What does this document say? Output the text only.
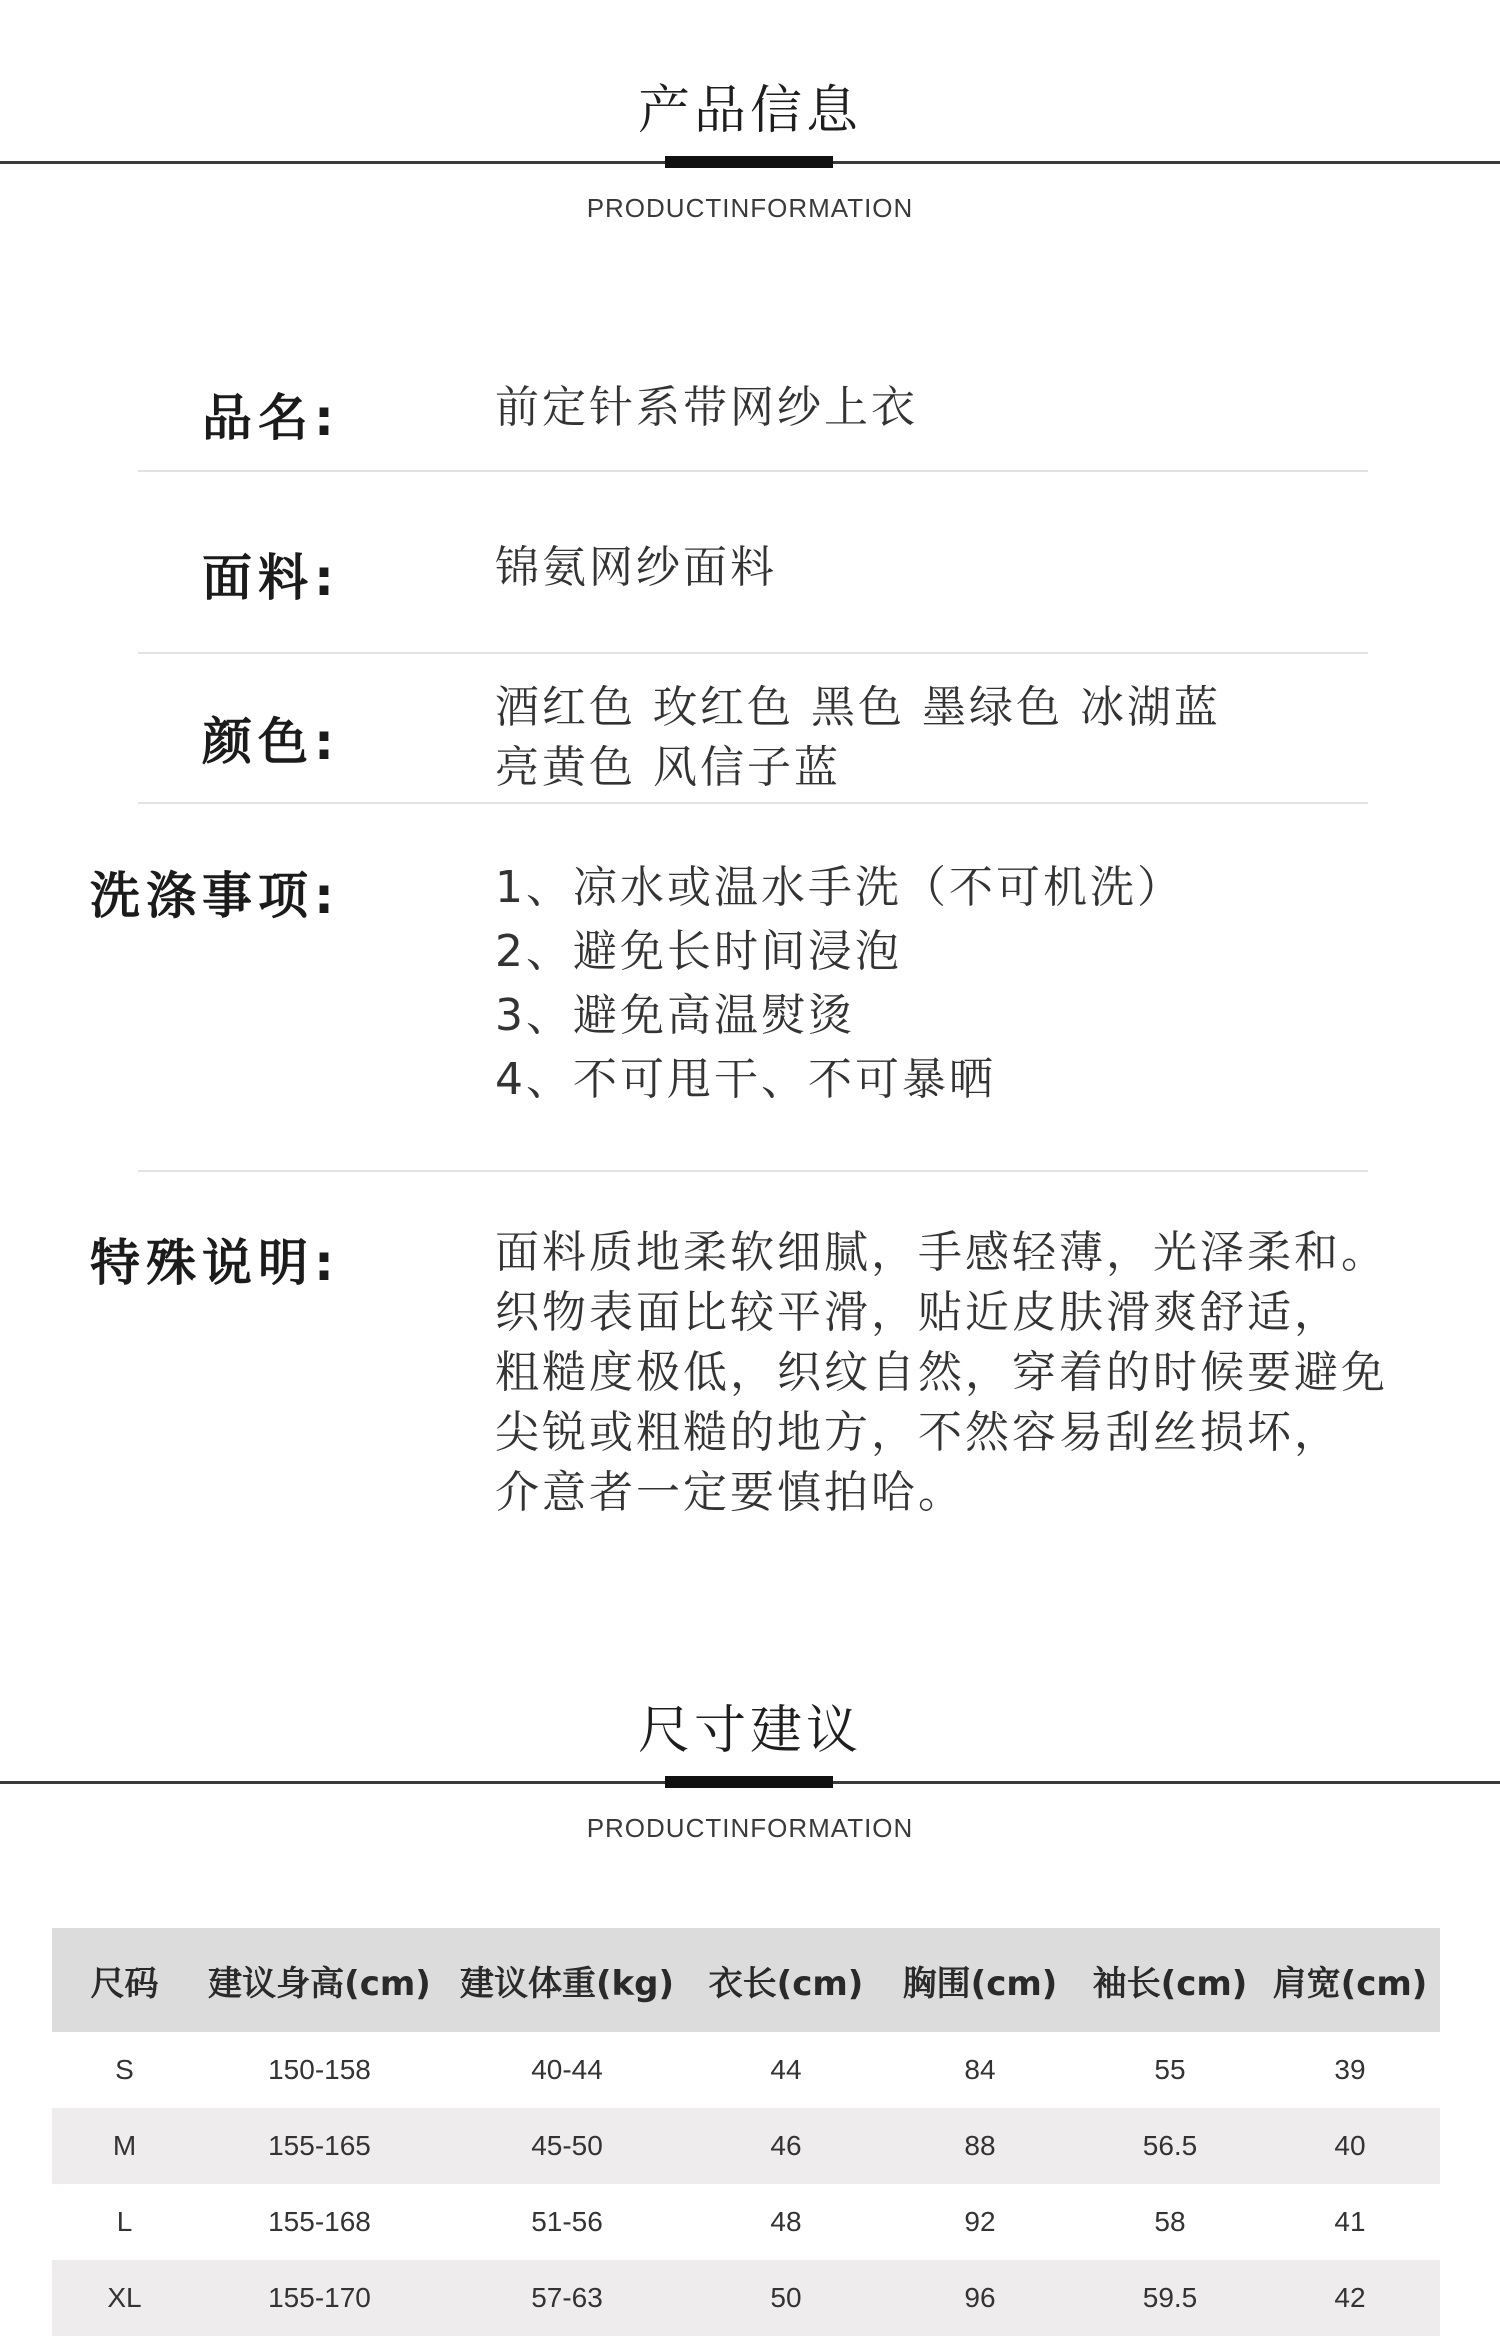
产品信息
PRODUCTINFORMATION
品名:	前定针系带网纱上衣
面料:	锦氨网纱面料
颜色:
酒红色 玫红色 黑色 墨绿色 冰湖蓝
亮黄色 风信子蓝
洗涤事项:	1、凉水或温水手洗（不可机洗）
2、避免长时间浸泡
3、避免高温熨烫
4、不可甩干、不可暴晒
特殊说明:	面料质地柔软细腻，手感轻薄，光泽柔和。
织物表面比较平滑，贴近皮肤滑爽舒适，
粗糙度极低，织纹自然，穿着的时候要避免
尖锐或粗糙的地方，不然容易刮丝损坏，
介意者一定要慎拍哈。
尺寸建议
PRODUCTINFORMATION
尺码	建议身高(cm)	建议体重(kg)	衣长(cm)	胸围(cm)	袖长(cm)	肩宽(cm)
S	150-158	40-44	44	84	55	39
M	155-165	45-50	46	88	56.5	40
L	155-168	51-56	48	92	58	41
XL	155-170	57-63	50	96	59.5	42
